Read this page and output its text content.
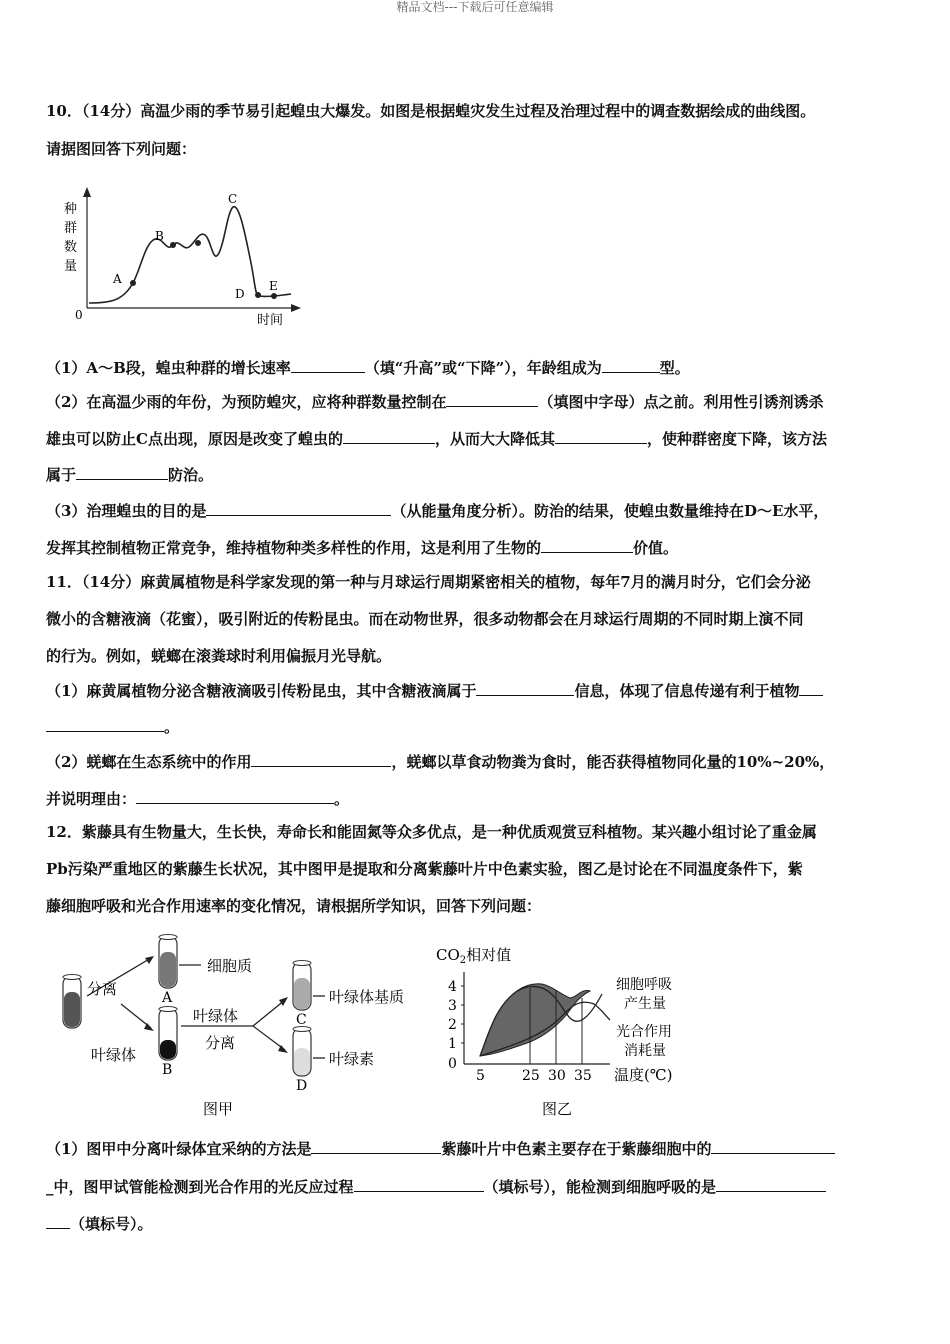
精品文档---下载后可任意编辑
10．（14分）高温少雨的季节易引起蝗虫大爆发。如图是根据蝗灾发生过程及治理过程中的调查数据绘成的曲线图。
请据图回答下列问题：
种
群
数
量
0	时间
A
B
C
D
E
（1）A～B段，蝗虫种群的增长速率	（填“升高”或“下降”），年龄组成为	型。
（2）在高温少雨的年份，为预防蝗灾，应将种群数量控制在	（填图中字母）点之前。利用性引诱剂诱杀
雄虫可以防止C点出现，原因是改变了蝗虫的	，从而大大降低其	，使种群密度下降，该方法
属于	防治。
（3）治理蝗虫的目的是	（从能量角度分析）。防治的结果，使蝗虫数量维持在D～E水平，
发挥其控制植物正常竞争，维持植物种类多样性的作用，这是利用了生物的	价值。
11．（14分）麻黄属植物是科学家发现的第一种与月球运行周期紧密相关的植物，每年7月的满月时分，它们会分泌
微小的含糖液滴（花蜜），吸引附近的传粉昆虫。而在动物世界，很多动物都会在月球运行周期的不同时期上演不同
的行为。例如，蜣螂在滚粪球时利用偏振月光导航。
（1）麻黄属植物分泌含糖液滴吸引传粉昆虫，其中含糖液滴属于	信息，体现了信息传递有利于植物
。
（2）蜣螂在生态系统中的作用	，蜣螂以草食动物粪为食时，能否获得植物同化量的10%~20%，
并说明理由：	。
12．紫藤具有生物量大，生长快，寿命长和能固氮等众多优点，是一种优质观赏豆科植物。某兴趣小组讨论了重金属
Pb污染严重地区的紫藤生长状况，其中图甲是提取和分离紫藤叶片中色素实验，图乙是讨论在不同温度条件下，紫
藤细胞呼吸和光合作用速率的变化情况，请根据所学知识，回答下列问题：
分离
细胞质
叶绿体
叶绿体
分离
叶绿体基质
叶绿素
A
B
C
D
图甲
$CO_2$相对值
4
3
2
1
0
5	25 30 35 温度(℃)
细胞呼吸
产生量
光合作用
消耗量
图乙
（1）图甲中分离叶绿体宜采纳的方法是	紫藤叶片中色素主要存在于紫藤细胞中的
_中，图甲试管能检测到光合作用的光反应过程	（填标号），能检测到细胞呼吸的是
（填标号）。
